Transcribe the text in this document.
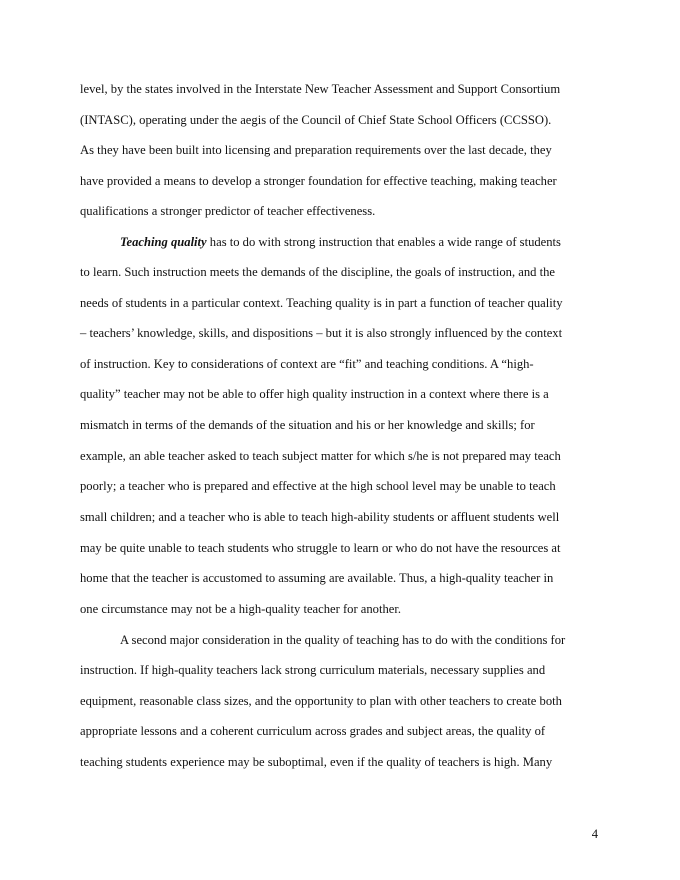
level, by the states involved in the Interstate New Teacher Assessment and Support Consortium
(INTASC), operating under the aegis of the Council of Chief State School Officers (CCSSO).
As they have been built into licensing and preparation requirements over the last decade, they
have provided a means to develop a stronger foundation for effective teaching, making teacher
qualifications a stronger predictor of teacher effectiveness.
Teaching quality has to do with strong instruction that enables a wide range of students
to learn. Such instruction meets the demands of the discipline, the goals of instruction, and the
needs of students in a particular context. Teaching quality is in part a function of teacher quality
– teachers’ knowledge, skills, and dispositions – but it is also strongly influenced by the context
of instruction. Key to considerations of context are “fit” and teaching conditions. A “high-
quality” teacher may not be able to offer high quality instruction in a context where there is a
mismatch in terms of the demands of the situation and his or her knowledge and skills; for
example, an able teacher asked to teach subject matter for which s/he is not prepared may teach
poorly; a teacher who is prepared and effective at the high school level may be unable to teach
small children; and a teacher who is able to teach high-ability students or affluent students well
may be quite unable to teach students who struggle to learn or who do not have the resources at
home that the teacher is accustomed to assuming are available. Thus, a high-quality teacher in
one circumstance may not be a high-quality teacher for another.
A second major consideration in the quality of teaching has to do with the conditions for
instruction. If high-quality teachers lack strong curriculum materials, necessary supplies and
equipment, reasonable class sizes, and the opportunity to plan with other teachers to create both
appropriate lessons and a coherent curriculum across grades and subject areas, the quality of
teaching students experience may be suboptimal, even if the quality of teachers is high. Many
4
